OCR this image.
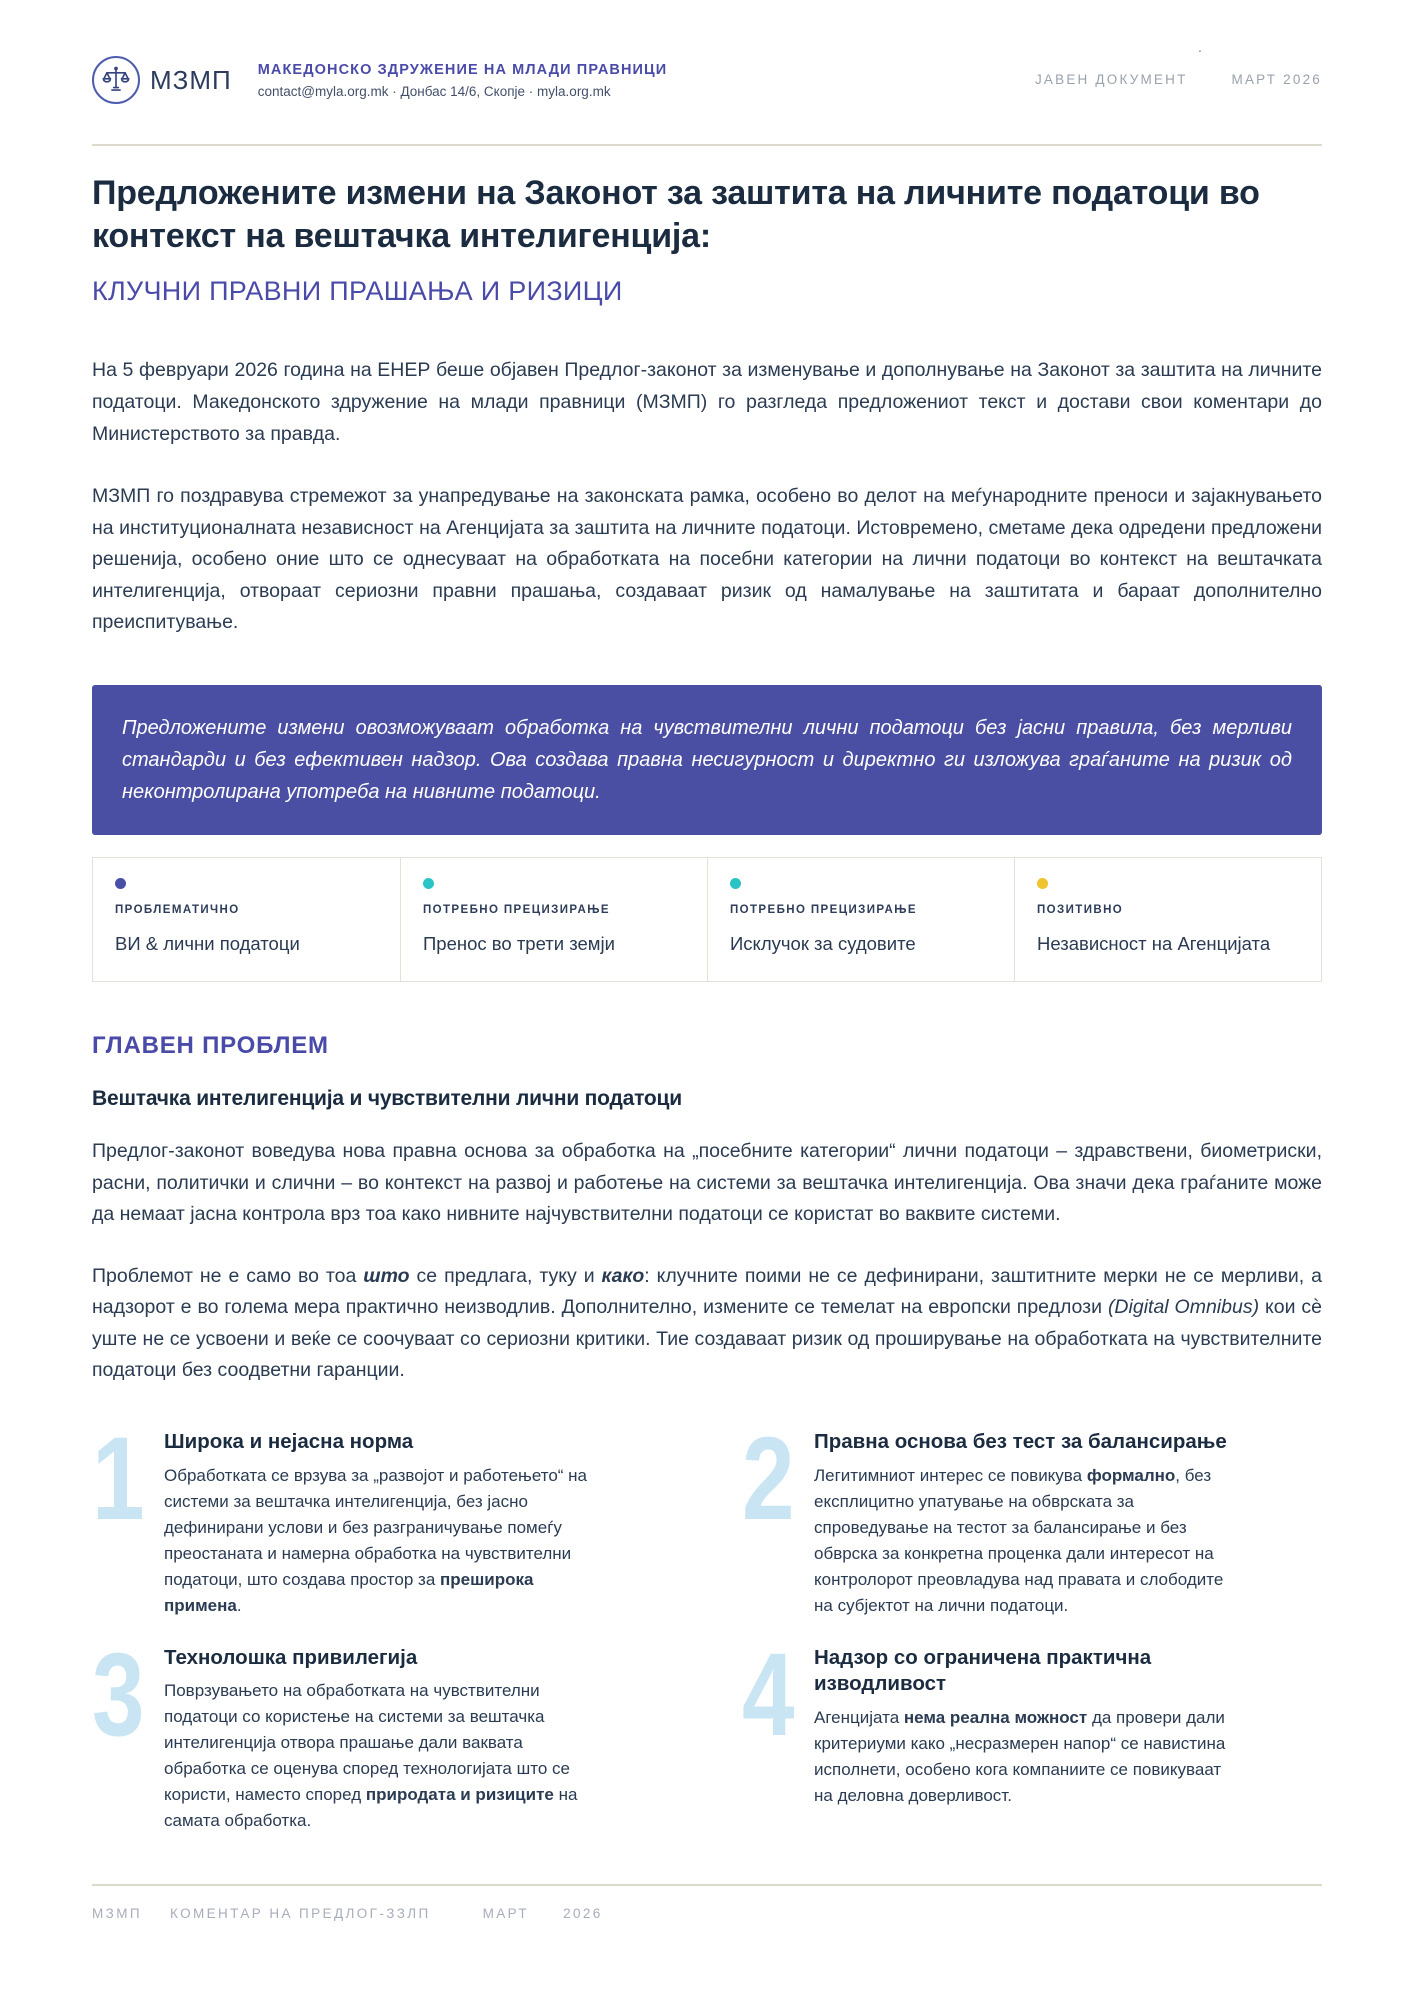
.
МЗМП МАКЕДОНСКО ЗДРУЖЕНИЕ НА МЛАДИ ПРАВНИЦИ
contact@myla.org.mk · Донбас 14/6, Скопје · myla.org.mk
ЈАВЕН ДОКУМЕНТ	МАРТ 2026
Предложените измени на Законот за заштита на личните податоци во контекст на вештачка интелигенција:
КЛУЧНИ ПРАВНИ ПРАШАЊА И РИЗИЦИ

На 5 февруари 2026 година на ЕНЕР беше објавен Предлог-законот за изменување и дополнување на Законот за заштита на личните податоци. Македонското здружение на млади правници (МЗМП) го разгледа предложениот текст и достави свои коментари до Министерството за правда.

МЗМП го поздравува стремежот за унапредување на законската рамка, особено во делот на меѓународните преноси и зајакнувањето на институционалната независност на Агенцијата за заштита на личните податоци. Истовремено, сметаме дека одредени предложени решенија, особено оние што се однесуваат на обработката на посебни категории на лични податоци во контекст на вештачката интелигенција, отвораат сериозни правни прашања, создаваат ризик од намалување на заштитата и бараат дополнително преиспитување.

Предложените измени овозможуваат обработка на чувствителни лични податоци без јасни правила, без мерливи стандарди и без ефективен надзор. Ова создава правна несигурност и директно ги изложува граѓаните на ризик од неконтролирана употреба на нивните податоци.

ПРОБЛЕМАТИЧНО
ВИ & лични податоци
ПОТРЕБНО ПРЕЦИЗИРАЊЕ
Пренос во трети земји
ПОТРЕБНО ПРЕЦИЗИРАЊЕ
Исклучок за судовите
ПОЗИТИВНО
Независност на Агенцијата
ГЛАВЕН ПРОБЛЕМ
Вештачка интелигенција и чувствителни лични податоци

Предлог-законот воведува нова правна основа за обработка на „посебните категории“ лични податоци – здравствени, биометриски, расни, политички и слични – во контекст на развој и работење на системи за вештачка интелигенција. Ова значи дека граѓаните може да немаат јасна контрола врз тоа како нивните најчувствителни податоци се користат во ваквите системи.

Проблемот не е само во тоа што се предлага, туку и како: клучните поими не се дефинирани, заштитните мерки не се мерливи, а надзорот е во голема мера практично неизводлив. Дополнително, измените се темелат на европски предлози (Digital Omnibus) кои сѐ уште не се усвоени и веќе се соочуваат со сериозни критики. Тие создаваат ризик од проширување на обработката на чувствителните податоци без соодветни гаранции.

1 Широка и нејасна норма

Обработката се врзува за „развојот и работењето“ на системи за вештачка интелигенција, без јасно дефинирани услови и без разграничување помеѓу преостаната и намерна обработка на чувствителни податоци, што создава простор за преширока примена.

2 Правна основа без тест за балансирање

Легитимниот интерес се повикува формално, без експлицитно упатување на обврската за спроведување на тестот за балансирање и без обврска за конкретна проценка дали интересот на контролорот преовладува над правата и слободите на субјектот на лични податоци.

3 Технолошка привилегија

Поврзувањето на обработката на чувствителни податоци со користење на системи за вештачка интелигенција отвора прашање дали ваквата обработка се оценува според технологијата што се користи, наместо според природата и ризиците на самата обработка.

4 Надзор со ограничена практична изводливост

Агенцијата нема реална можност да провери дали критериуми како „несразмерен напор“ се навистина исполнети, особено кога компаниите се повикуваат на деловна доверливост.

МЗМП КОМЕНТАР НА ПРЕДЛОГ-ЗЗЛП	МАРТ	2026
